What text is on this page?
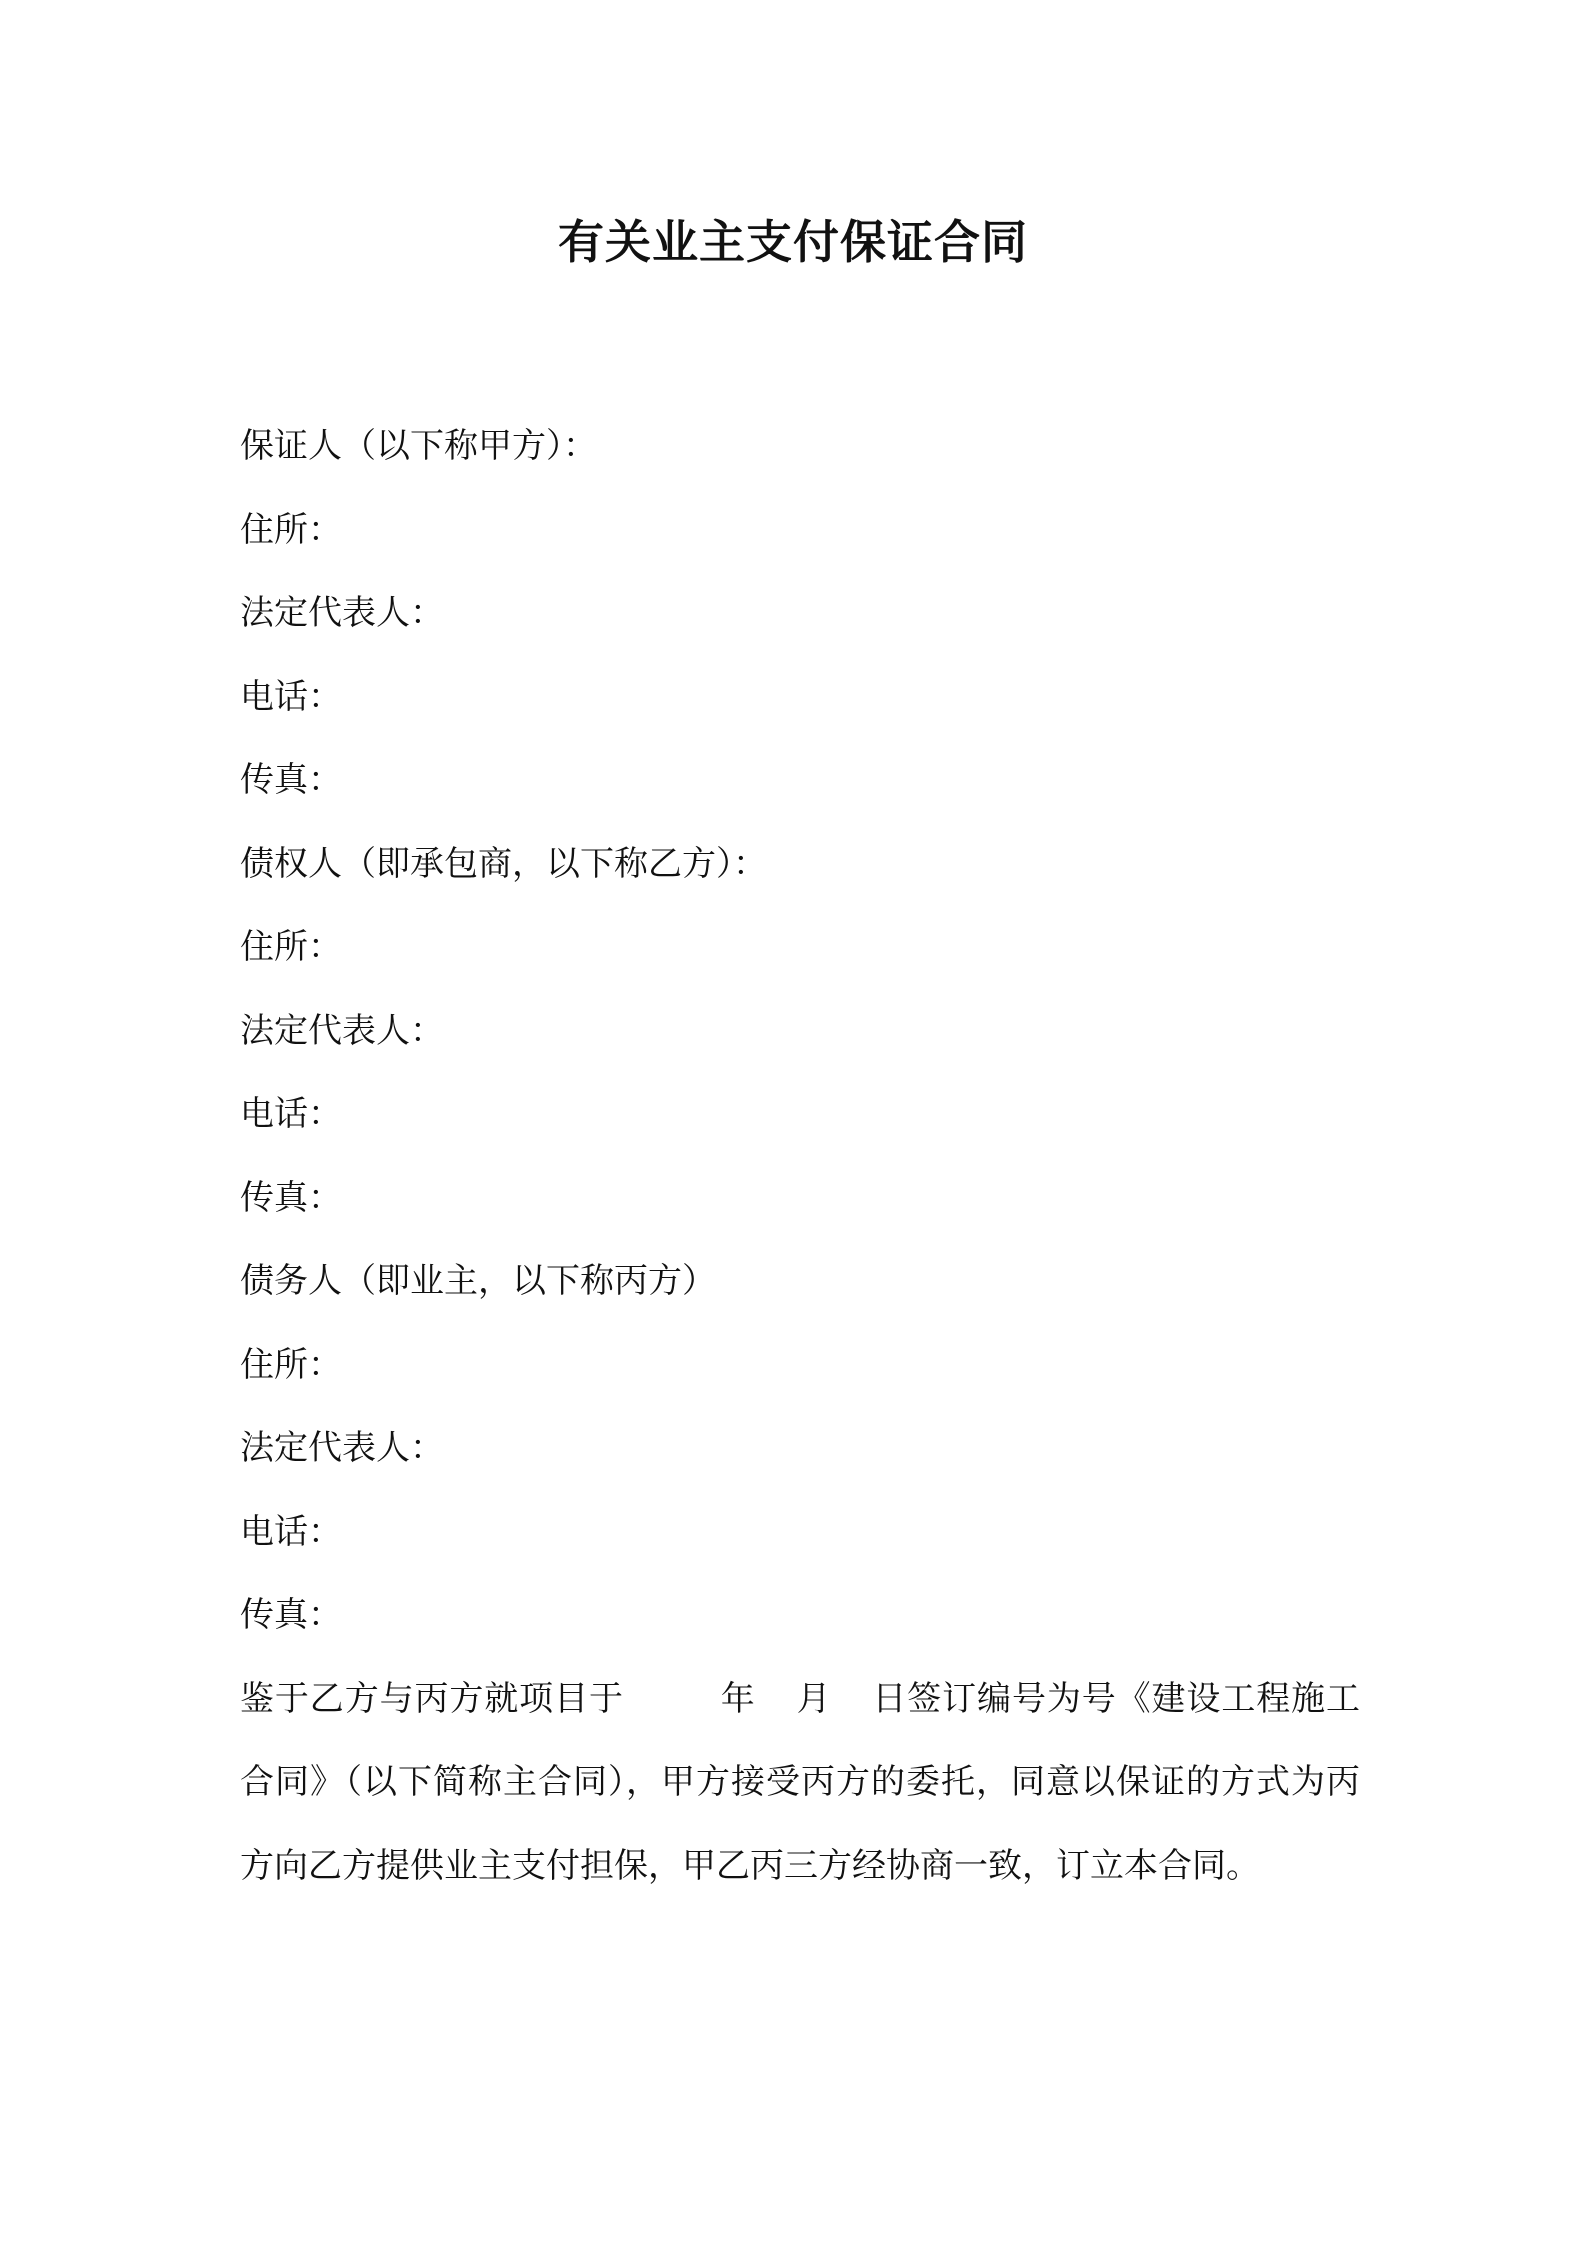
有关业主支付保证合同
保证人（以下称甲方）：
住所：
法定代表人：
电话：
传真：
债权人（即承包商，以下称乙方）：
住所：
法定代表人：
电话：
传真：
债务人（即业主，以下称丙方）
住所：
法定代表人：
电话：
传真：

鉴于乙方与丙方就项目于	年 月 日签订编号为号《建设工程施工合同》（以下简称主合同），甲方接受丙方的委托，同意以保证的方式为丙方向乙方提供业主支付担保，甲乙丙三方经协商一致，订立本合同。
